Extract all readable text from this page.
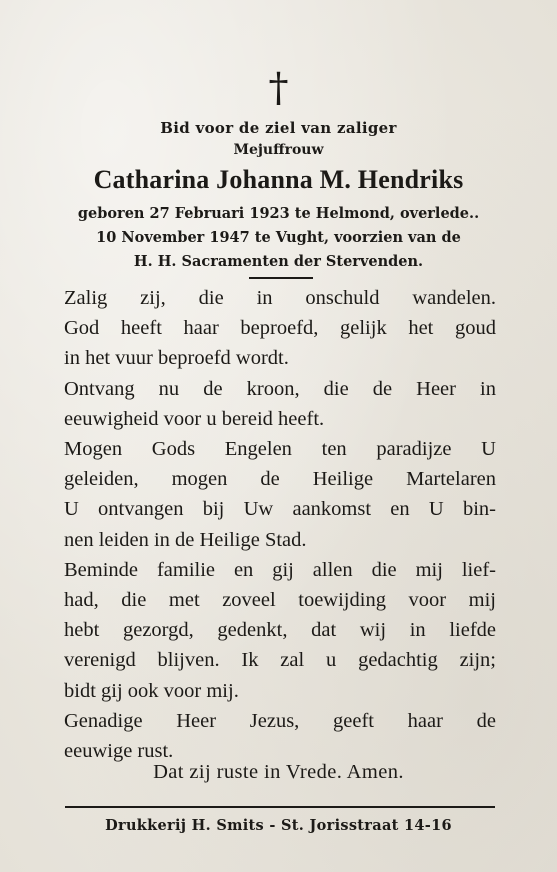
†
Bid voor de ziel van zaliger
Mejuffrouw
Catharina Johanna M. Hendriks
geboren 27 Februari 1923 te Helmond, overlede..
10 November 1947 te Vught, voorzien van de
H. H. Sacramenten der Stervenden.
Zalig zij, die in onschuld wandelen.
God heeft haar beproefd, gelijk het goud
in het vuur beproefd wordt.
Ontvang nu de kroon, die de Heer in
eeuwigheid voor u bereid heeft.
Mogen Gods Engelen ten paradijze U
geleiden, mogen de Heilige Martelaren
U ontvangen bij Uw aankomst en U bin-
nen leiden in de Heilige Stad.
Beminde familie en gij allen die mij lief-
had, die met zoveel toewijding voor mij
hebt gezorgd, gedenkt, dat wij in liefde
verenigd blijven. Ik zal u gedachtig zijn;
bidt gij ook voor mij.
Genadige Heer Jezus, geeft haar de
eeuwige rust.
Dat zij ruste in Vrede. Amen.
Drukkerij H. Smits - St. Jorisstraat 14-16
